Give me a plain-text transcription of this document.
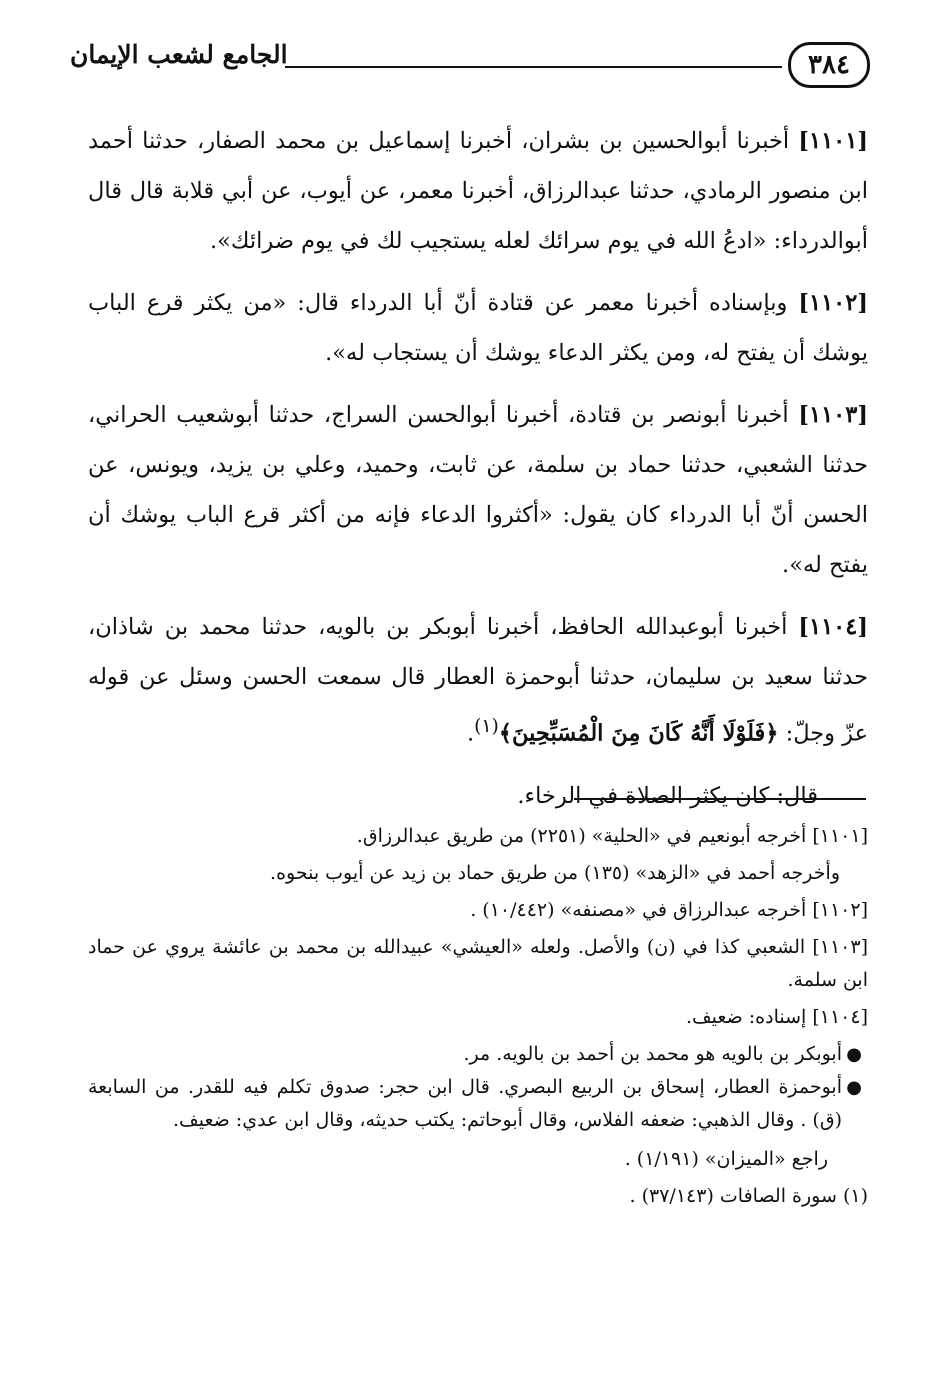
٣٨٤
الجامع لشعب الإيمان

[١١٠١] أخبرنا أبوالحسين بن بشران، أخبرنا إسماعيل بن محمد الصفار، حدثنا أحمد ابن منصور الرمادي، حدثنا عبدالرزاق، أخبرنا معمر، عن أيوب، عن أبي قلابة قال قال أبوالدرداء: «ادعُ الله في يوم سرائك لعله يستجيب لك في يوم ضرائك».

[١١٠٢] وبإسناده أخبرنا معمر عن قتادة أنّ أبا الدرداء قال: «من يكثر قرع الباب يوشك أن يفتح له، ومن يكثر الدعاء يوشك أن يستجاب له».

[١١٠٣] أخبرنا أبونصر بن قتادة، أخبرنا أبوالحسن السراج، حدثنا أبوشعيب الحراني، حدثنا الشعبي، حدثنا حماد بن سلمة، عن ثابت، وحميد، وعلي بن يزيد، ويونس، عن الحسن أنّ أبا الدرداء كان يقول: «أكثروا الدعاء فإنه من أكثر قرع الباب يوشك أن يفتح له».

[١١٠٤] أخبرنا أبوعبدالله الحافظ، أخبرنا أبوبكر بن بالويه، حدثنا محمد بن شاذان، حدثنا سعيد بن سليمان، حدثنا أبوحمزة العطار قال سمعت الحسن وسئل عن قوله عزّ وجلّ: ﴿فَلَوْلَا أَنَّهُ كَانَ مِنَ الْمُسَبِّحِينَ﴾$^{(١)}$.

قال: كان يكثر الصلاة في الرخاء.

[١١٠١] أخرجه أبونعيم في «الحلية» (٢٢٥١) من طريق عبدالرزاق.

وأخرجه أحمد في «الزهد» (١٣٥) من طريق حماد بن زيد عن أيوب بنحوه.

[١١٠٢] أخرجه عبدالرزاق في «مصنفه» (١٠/٤٤٢) .

[١١٠٣] الشعبي كذا في (ن) والأصل. ولعله «العيشي» عبيدالله بن محمد بن عائشة يروي عن حماد ابن سلمة.

[١١٠٤] إسناده: ضعيف.

●
أبوبكر بن بالويه هو محمد بن أحمد بن بالويه. مر.
●
أبوحمزة العطار، إسحاق بن الربيع البصري. قال ابن حجر: صدوق تكلم فيه للقدر. من السابعة (ق) . وقال الذهبي: ضعفه الفلاس، وقال أبوحاتم: يكتب حديثه، وقال ابن عدي: ضعيف.

راجع «الميزان» (١/١٩١) .

(١) سورة الصافات (٣٧/١٤٣) .
